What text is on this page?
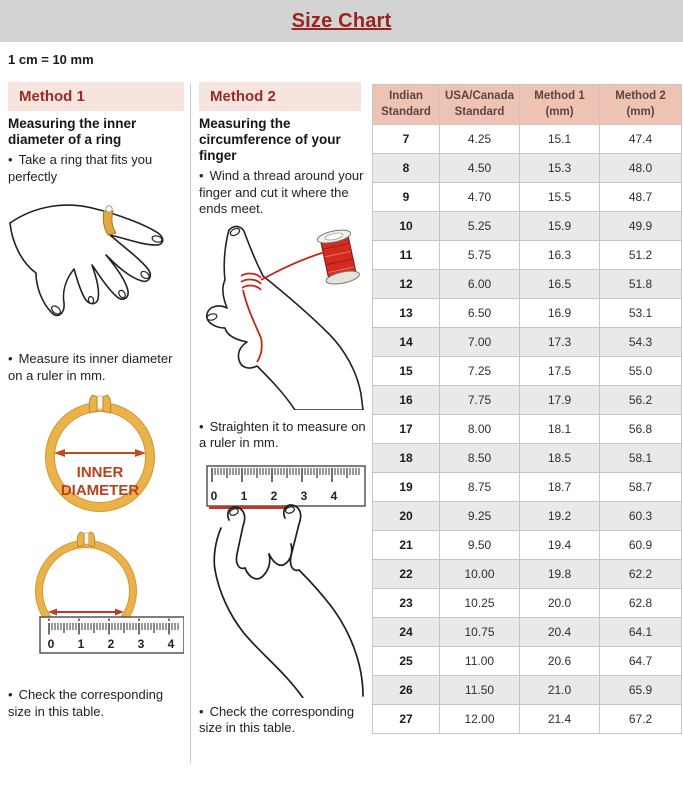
Size Chart
1 cm = 10 mm
Method 1
Measuring the inner diameter of a ring
• Take a ring that fits you perfectly
• Measure its inner diameter on a ruler in mm.
INNER
DIAMETER
0 1 2 3 4
• Check the corresponding size in this table.
Method 2
Measuring the circumference of your finger
• Wind a thread around your finger and cut it where the ends meet.
• Straighten it to measure on a ruler in mm.
0 1 2 3 4
• Check the corresponding size in this table.
Indian Standard	USA/Canada Standard	Method 1 (mm)	Method 2 (mm)
7	4.25	15.1	47.4
8	4.50	15.3	48.0
9	4.70	15.5	48.7
10	5.25	15.9	49.9
11	5.75	16.3	51.2
12	6.00	16.5	51.8
13	6.50	16.9	53.1
14	7.00	17.3	54.3
15	7.25	17.5	55.0
16	7.75	17.9	56.2
17	8.00	18.1	56.8
18	8.50	18.5	58.1
19	8.75	18.7	58.7
20	9.25	19.2	60.3
21	9.50	19.4	60.9
22	10.00	19.8	62.2
23	10.25	20.0	62.8
24	10.75	20.4	64.1
25	11.00	20.6	64.7
26	11.50	21.0	65.9
27	12.00	21.4	67.2
